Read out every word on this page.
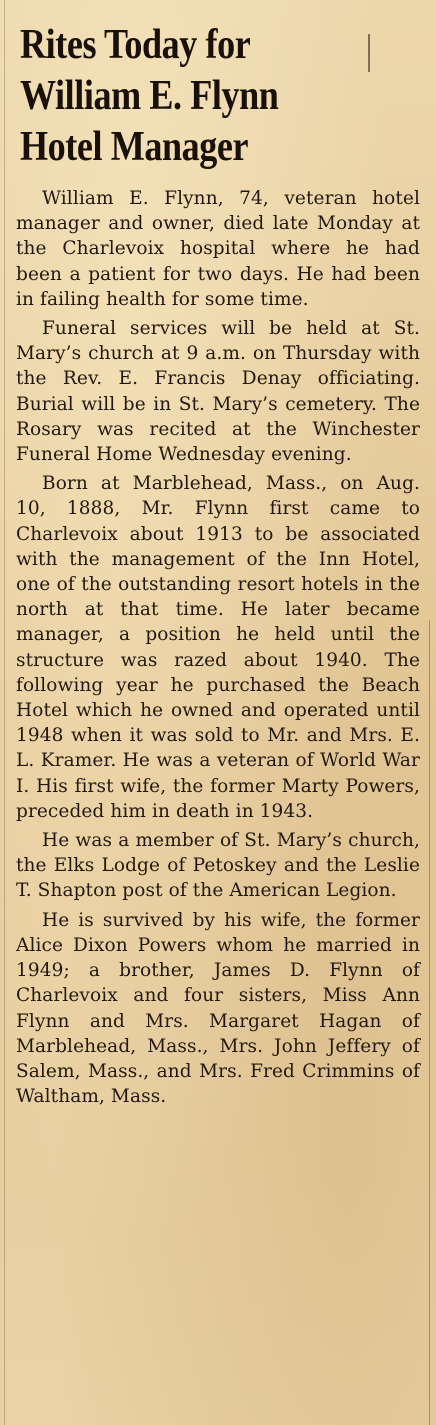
Rites Today for
William E. Flynn
Hotel Manager

William E. Flynn, 74, veteran hotel manager and owner, died late Monday at the Charlevoix hospital where he had been a patient for two days. He had been in failing health for some time.

Funeral services will be held at St. Mary’s church at 9 a.m. on Thursday with the Rev. E. Francis Denay officiating. Burial will be in St. Mary’s cemetery. The Rosary was recited at the Winchester Funeral Home Wednesday evening.

Born at Marblehead, Mass., on Aug. 10, 1888, Mr. Flynn first came to Charlevoix about 1913 to be associated with the management of the Inn Hotel, one of the outstanding resort hotels in the north at that time. He later became manager, a position he held until the structure was razed about 1940. The following year he purchased the Beach Hotel which he owned and operated until 1948 when it was sold to Mr. and Mrs. E. L. Kramer. He was a veteran of World War I. His first wife, the former Marty Powers, preceded him in death in 1943.

He was a member of St. Mary’s church, the Elks Lodge of Petoskey and the Leslie T. Shapton post of the American Legion.

He is survived by his wife, the former Alice Dixon Powers whom he married in 1949; a brother, James D. Flynn of Charlevoix and four sisters, Miss Ann Flynn and Mrs. Margaret Hagan of Marblehead, Mass., Mrs. John Jeffery of Salem, Mass., and Mrs. Fred Crimmins of Waltham, Mass.
